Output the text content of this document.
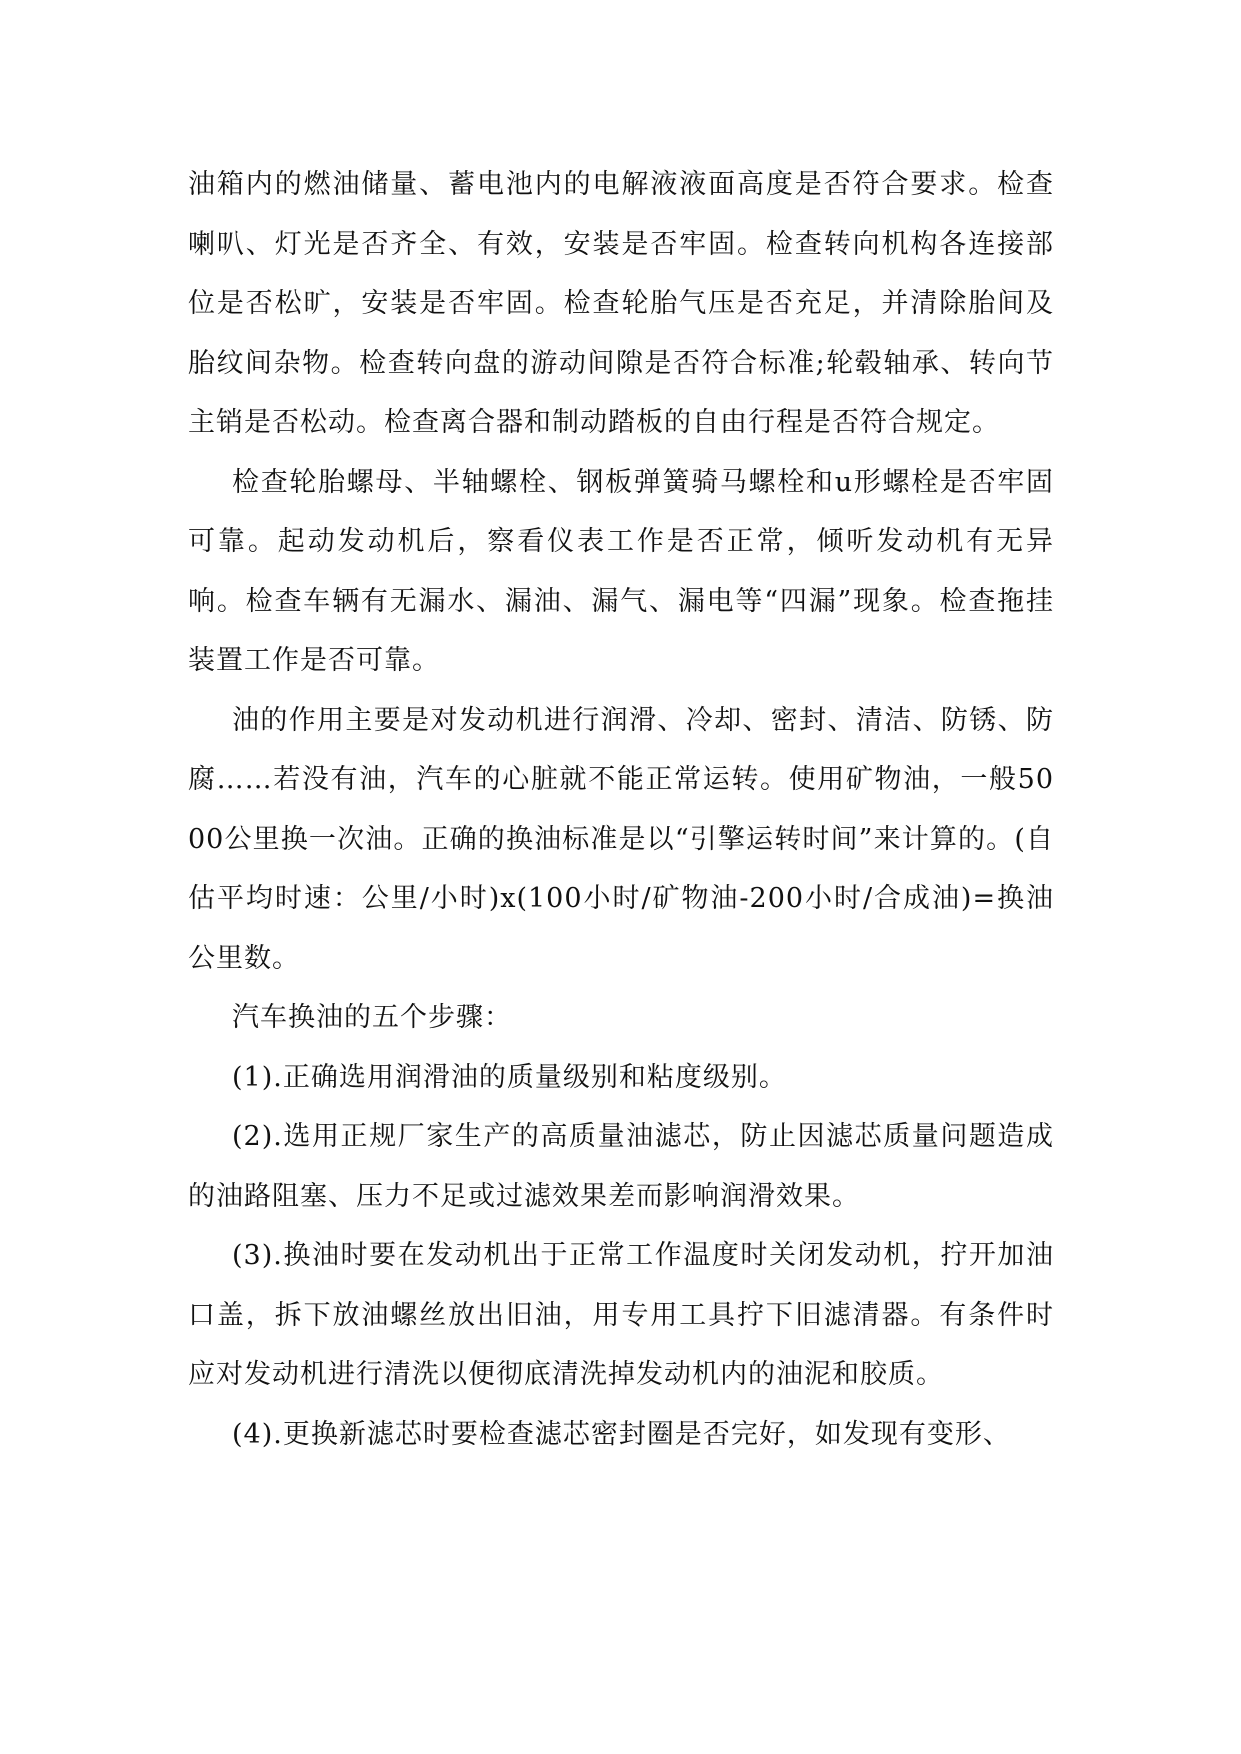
油箱内的燃油储量、蓄电池内的电解液液面高度是否符合要求。检查喇叭、灯光是否齐全、有效，安装是否牢固。检查转向机构各连接部位是否松旷，安装是否牢固。检查轮胎气压是否充足，并清除胎间及胎纹间杂物。检查转向盘的游动间隙是否符合标准;轮毂轴承、转向节主销是否松动。检查离合器和制动踏板的自由行程是否符合规定。

检查轮胎螺母、半轴螺栓、钢板弹簧骑马螺栓和u形螺栓是否牢固可靠。起动发动机后，察看仪表工作是否正常，倾听发动机有无异响。检查车辆有无漏水、漏油、漏气、漏电等“四漏”现象。检查拖挂装置工作是否可靠。

油的作用主要是对发动机进行润滑、冷却、密封、清洁、防锈、防腐……若没有油，汽车的心脏就不能正常运转。使用矿物油，一般5000公里换一次油。正确的换油标准是以“引擎运转时间”来计算的。(自估平均时速：公里/小时)x(100小时/矿物油-200小时/合成油)=换油公里数。

汽车换油的五个步骤：

(1).正确选用润滑油的质量级别和粘度级别。

(2).选用正规厂家生产的高质量油滤芯，防止因滤芯质量问题造成的油路阻塞、压力不足或过滤效果差而影响润滑效果。

(3).换油时要在发动机出于正常工作温度时关闭发动机，拧开加油口盖，拆下放油螺丝放出旧油，用专用工具拧下旧滤清器。有条件时应对发动机进行清洗以便彻底清洗掉发动机内的油泥和胶质。

(4).更换新滤芯时要检查滤芯密封圈是否完好，如发现有变形、
